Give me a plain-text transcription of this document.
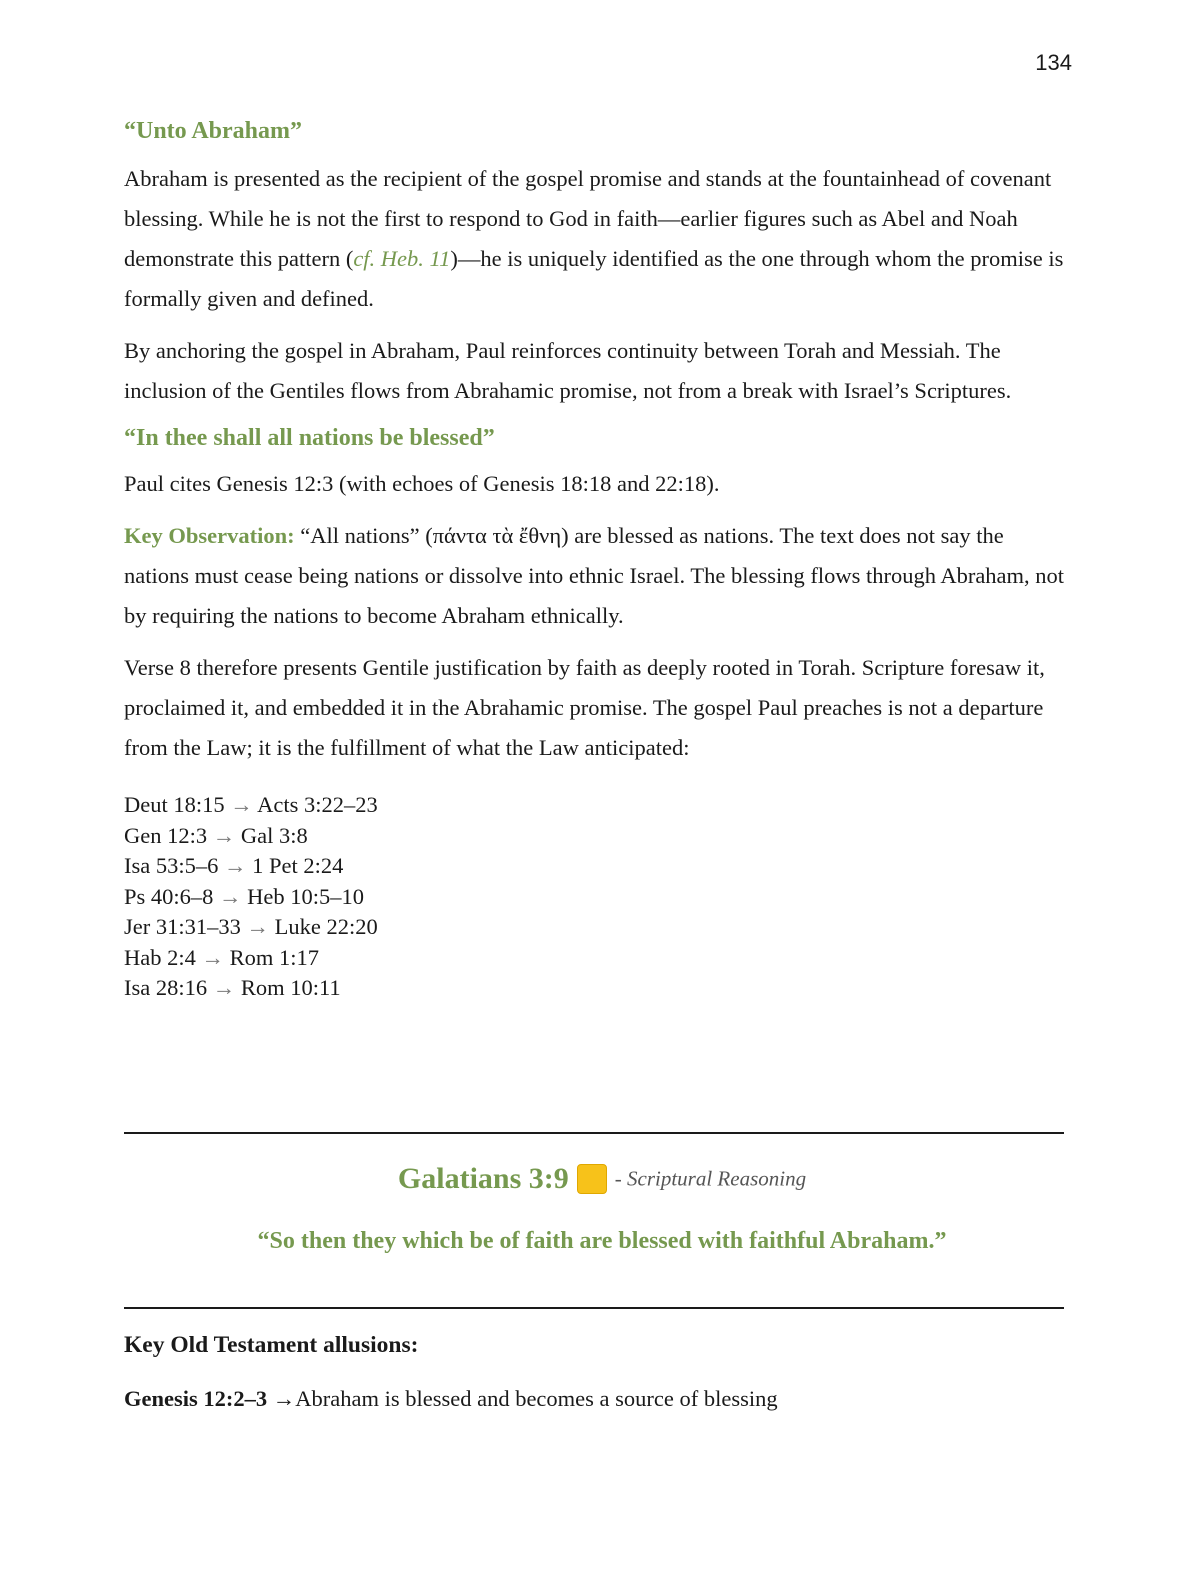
134

“Unto Abraham”

Abraham is presented as the recipient of the gospel promise and stands at the fountainhead of covenant blessing. While he is not the first to respond to God in faith—earlier figures such as Abel and Noah demonstrate this pattern (cf. Heb. 11)—he is uniquely identified as the one through whom the promise is formally given and defined.

By anchoring the gospel in Abraham, Paul reinforces continuity between Torah and Messiah. The inclusion of the Gentiles flows from Abrahamic promise, not from a break with Israel’s Scriptures.

“In thee shall all nations be blessed”

Paul cites Genesis 12:3 (with echoes of Genesis 18:18 and 22:18).

Key Observation: “All nations” (πάντα τὰ ἔθνη) are blessed as nations. The text does not say the nations must cease being nations or dissolve into ethnic Israel. The blessing flows through Abraham, not by requiring the nations to become Abraham ethnically.

Verse 8 therefore presents Gentile justification by faith as deeply rooted in Torah. Scripture foresaw it, proclaimed it, and embedded it in the Abrahamic promise. The gospel Paul preaches is not a departure from the Law; it is the fulfillment of what the Law anticipated:

Deut 18:15 → Acts 3:22–23
Gen 12:3 → Gal 3:8
Isa 53:5–6 → 1 Pet 2:24
Ps 40:6–8 → Heb 10:5–10
Jer 31:31–33 → Luke 22:20
Hab 2:4 → Rom 1:17
Isa 28:16 → Rom 10:11
Galatians 3:9 - Scriptural Reasoning
“So then they which be of faith are blessed with faithful Abraham.”
Key Old Testament allusions:
Genesis 12:2–3 →Abraham is blessed and becomes a source of blessing
